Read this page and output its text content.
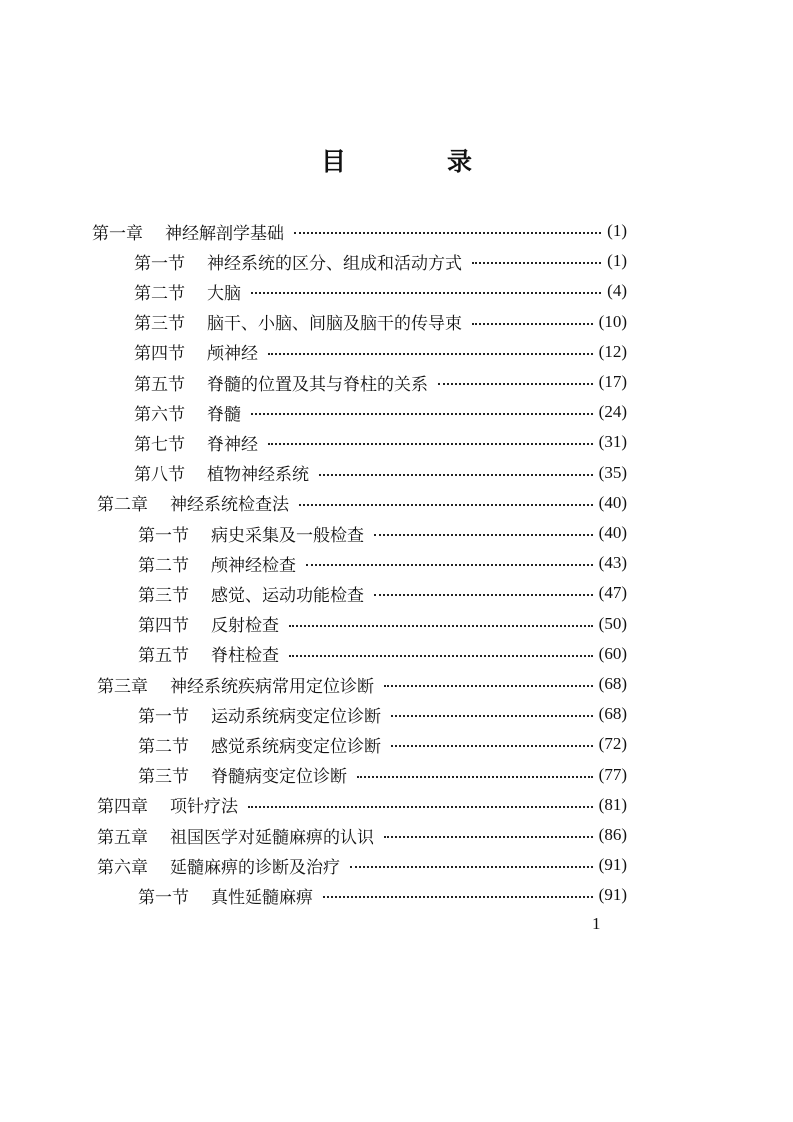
目　录
第一章 神经解剖学基础	(1)
第一节 神经系统的区分、组成和活动方式	(1)
第二节 大脑	(4)
第三节 脑干、小脑、间脑及脑干的传导束	(10)
第四节 颅神经	(12)
第五节 脊髓的位置及其与脊柱的关系	(17)
第六节 脊髓	(24)
第七节 脊神经	(31)
第八节 植物神经系统	(35)
第二章 神经系统检查法	(40)
第一节 病史采集及一般检查	(40)
第二节 颅神经检查	(43)
第三节 感觉、运动功能检查	(47)
第四节 反射检查	(50)
第五节 脊柱检查	(60)
第三章 神经系统疾病常用定位诊断	(68)
第一节 运动系统病变定位诊断	(68)
第二节 感觉系统病变定位诊断	(72)
第三节 脊髓病变定位诊断	(77)
第四章 项针疗法	(81)
第五章 祖国医学对延髓麻痹的认识	(86)
第六章 延髓麻痹的诊断及治疗	(91)
第一节 真性延髓麻痹	(91)
1
